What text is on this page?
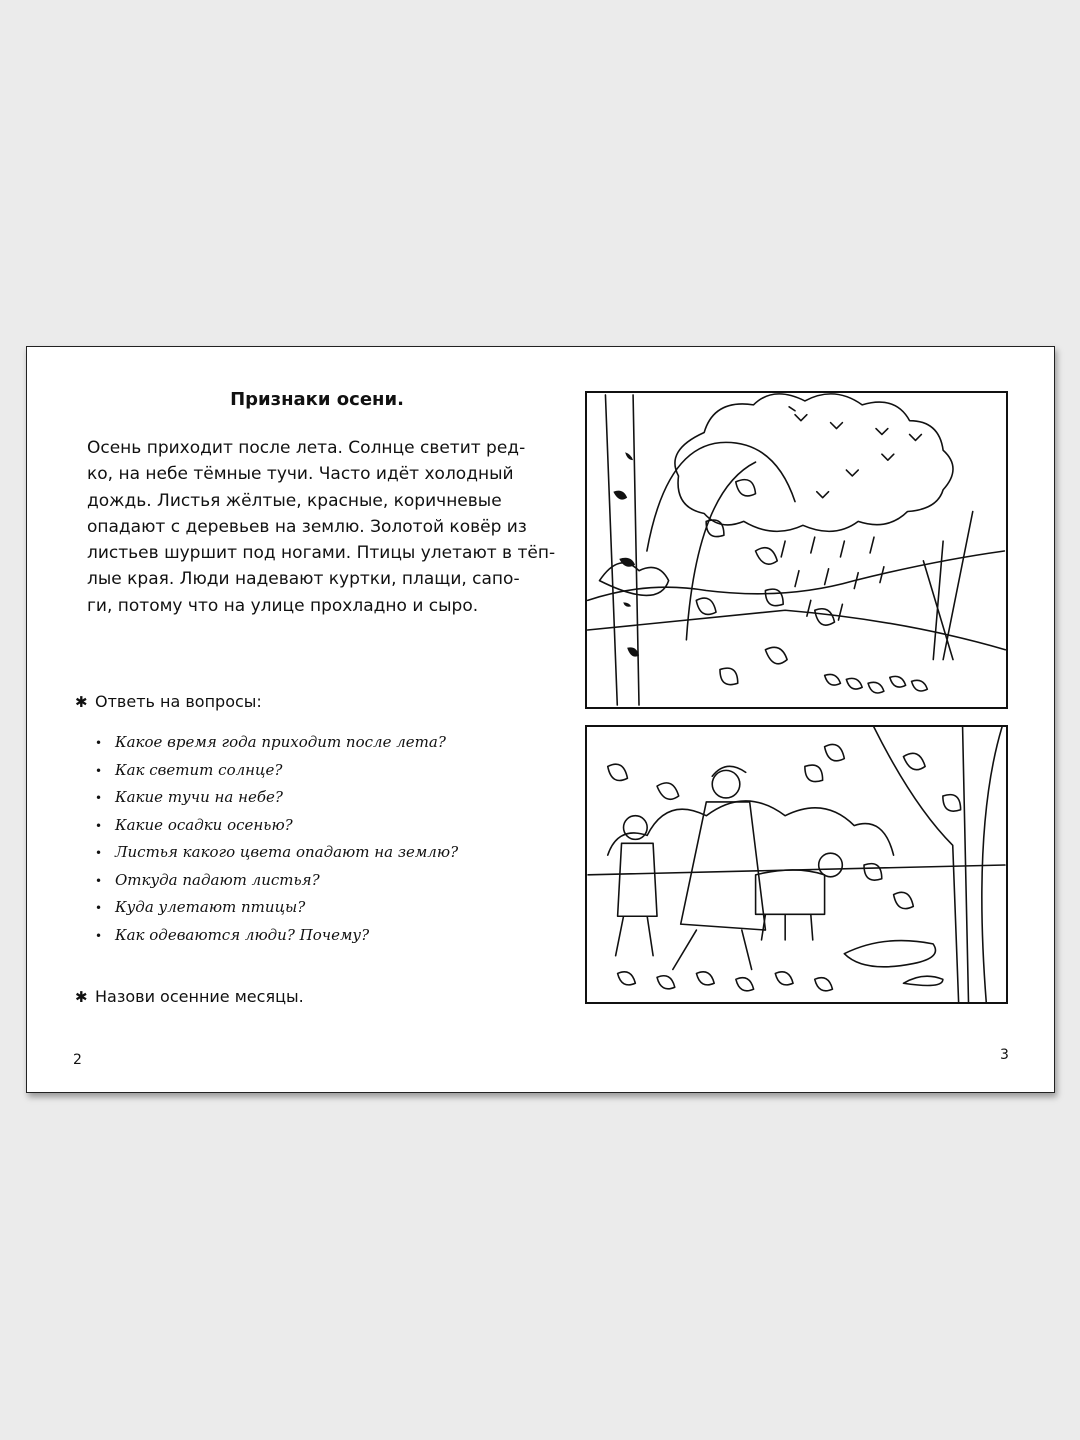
Признаки осени.
Осень приходит после лета. Солнце светит ред-
ко, на небе тёмные тучи. Часто идёт холодный
дождь. Листья жёлтые, красные, коричневые
опадают с деревьев на землю. Золотой ковёр из
листьев шуршит под ногами. Птицы улетают в тёп-
лые края. Люди надевают куртки, плащи, сапо-
ги, потому что на улице прохладно и сыро.
✱ Ответь на вопросы:
• Какое время года приходит после лета?
• Как светит солнце?
• Какие тучи на небе?
• Какие осадки осенью?
• Листья какого цвета опадают на землю?
• Откуда падают листья?
• Куда улетают птицы?
• Как одеваются люди? Почему?
✱ Назови осенние месяцы.
2	3
